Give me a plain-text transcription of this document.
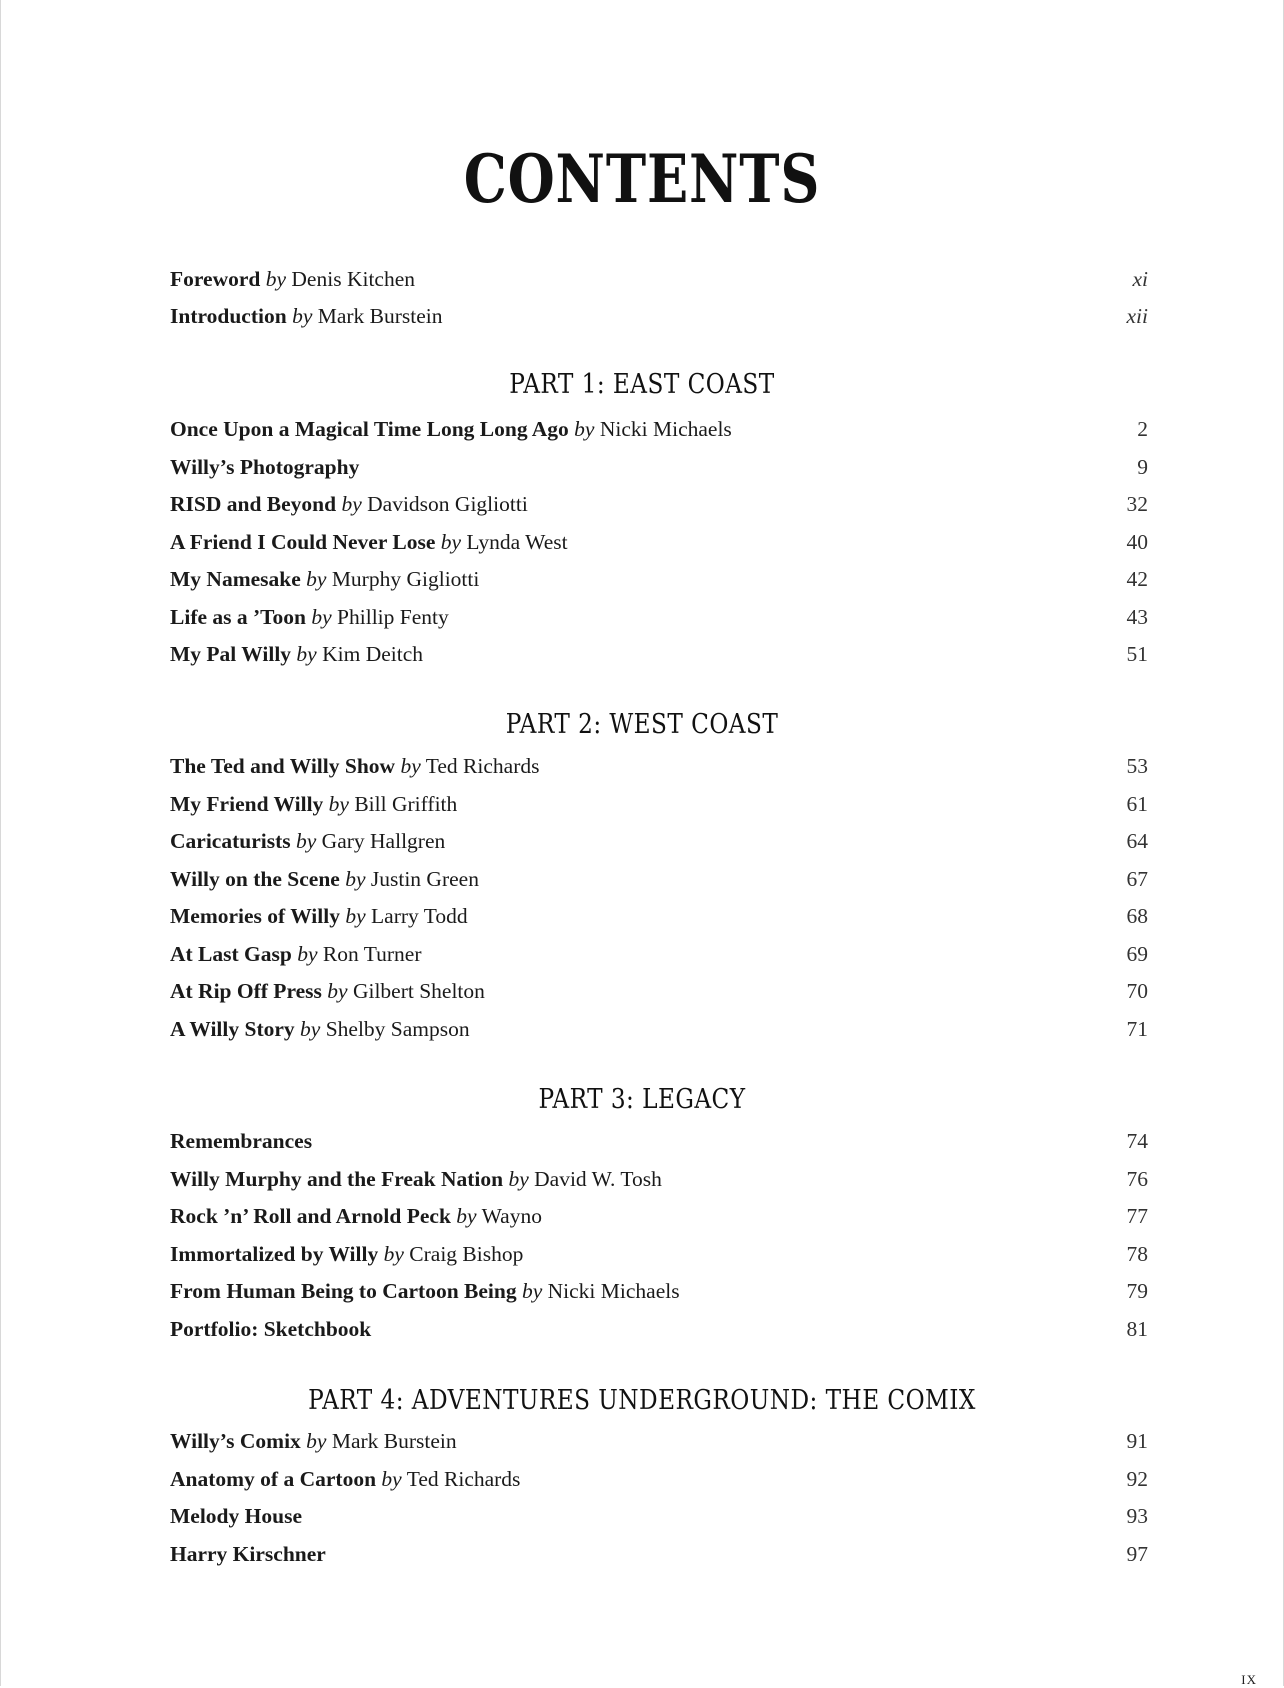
CONTENTS
Foreword by Denis Kitchen	xi
Introduction by Mark Burstein	xii
PART 1: EAST COAST
Once Upon a Magical Time Long Long Ago by Nicki Michaels	2
Willy’s Photography	9
RISD and Beyond by Davidson Gigliotti	32
A Friend I Could Never Lose by Lynda West	40
My Namesake by Murphy Gigliotti	42
Life as a ’Toon by Phillip Fenty	43
My Pal Willy by Kim Deitch	51
PART 2: WEST COAST
The Ted and Willy Show by Ted Richards	53
My Friend Willy by Bill Griffith	61
Caricaturists by Gary Hallgren	64
Willy on the Scene by Justin Green	67
Memories of Willy by Larry Todd	68
At Last Gasp by Ron Turner	69
At Rip Off Press by Gilbert Shelton	70
A Willy Story by Shelby Sampson	71
PART 3: LEGACY
Remembrances	74
Willy Murphy and the Freak Nation by David W. Tosh	76
Rock ’n’ Roll and Arnold Peck by Wayno	77
Immortalized by Willy by Craig Bishop	78
From Human Being to Cartoon Being by Nicki Michaels	79
Portfolio: Sketchbook	81
PART 4: ADVENTURES UNDERGROUND: THE COMIX
Willy’s Comix by Mark Burstein	91
Anatomy of a Cartoon by Ted Richards	92
Melody House	93
Harry Kirschner	97
IX
